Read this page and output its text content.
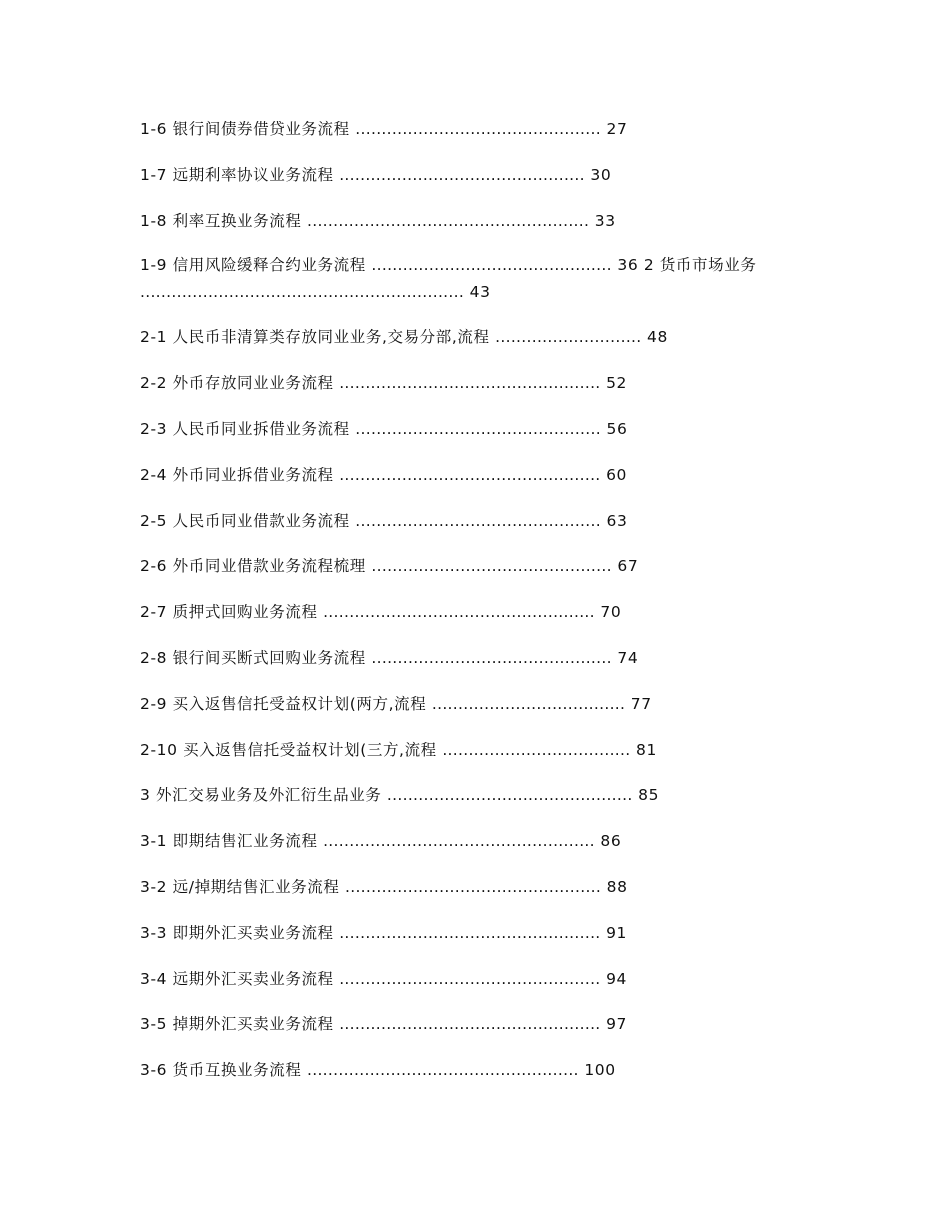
1-6 银行间债券借贷业务流程 ............................................... 27
1-7 远期利率协议业务流程 ............................................... 30
1-8 利率互换业务流程 ...................................................... 33
1-9 信用风险缓释合约业务流程 .............................................. 36 2 货币市场业务 .............................................................. 43
2-1 人民币非清算类存放同业业务,交易分部,流程 ............................ 48
2-2 外币存放同业业务流程 .................................................. 52
2-3 人民币同业拆借业务流程 ............................................... 56
2-4 外币同业拆借业务流程 .................................................. 60
2-5 人民币同业借款业务流程 ............................................... 63
2-6 外币同业借款业务流程梳理 .............................................. 67
2-7 质押式回购业务流程 .................................................... 70
2-8 银行间买断式回购业务流程 .............................................. 74
2-9 买入返售信托受益权计划(两方,流程 ..................................... 77
2-10 买入返售信托受益权计划(三方,流程 .................................... 81
3 外汇交易业务及外汇衍生品业务 ............................................... 85
3-1 即期结售汇业务流程 .................................................... 86
3-2 远/掉期结售汇业务流程 ................................................. 88
3-3 即期外汇买卖业务流程 .................................................. 91
3-4 远期外汇买卖业务流程 .................................................. 94
3-5 掉期外汇买卖业务流程 .................................................. 97
3-6 货币互换业务流程 .................................................... 100
